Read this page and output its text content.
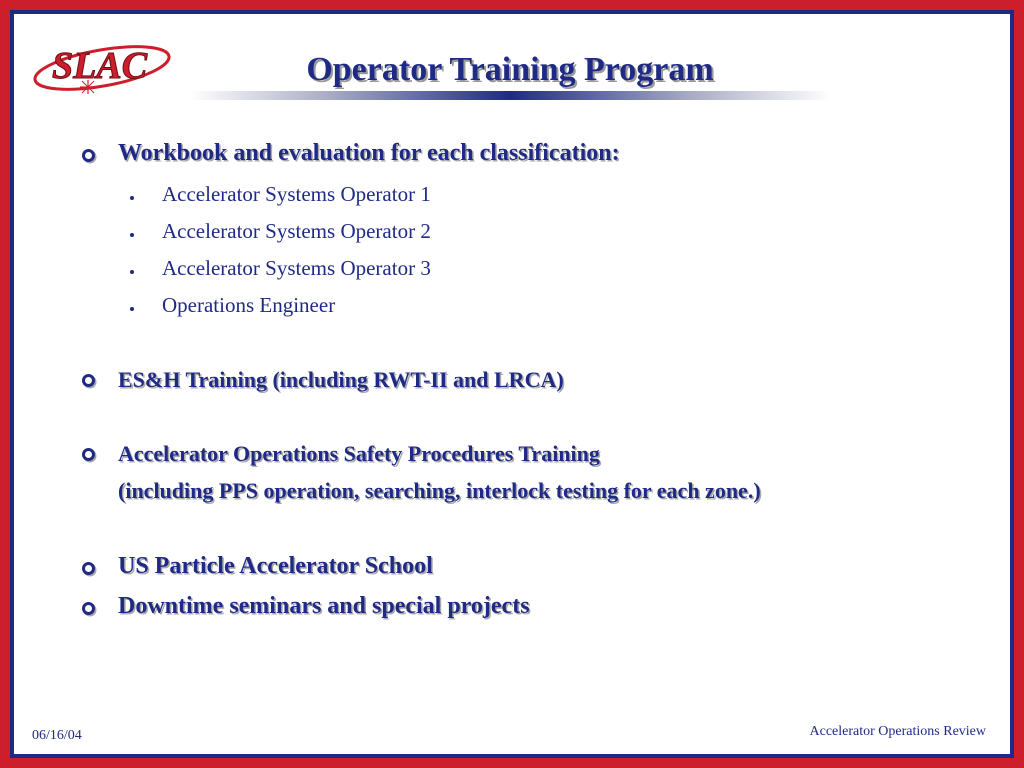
SLAC	Operator Training Program
Workbook and evaluation for each classification:
Accelerator Systems Operator 1
Accelerator Systems Operator 2
Accelerator Systems Operator 3
Operations Engineer
ES&H Training (including RWT-II and LRCA)
Accelerator Operations Safety Procedures Training
(including PPS operation, searching, interlock testing for each zone.)
US Particle Accelerator School
Downtime seminars and special projects
06/16/04	Accelerator Operations Review
